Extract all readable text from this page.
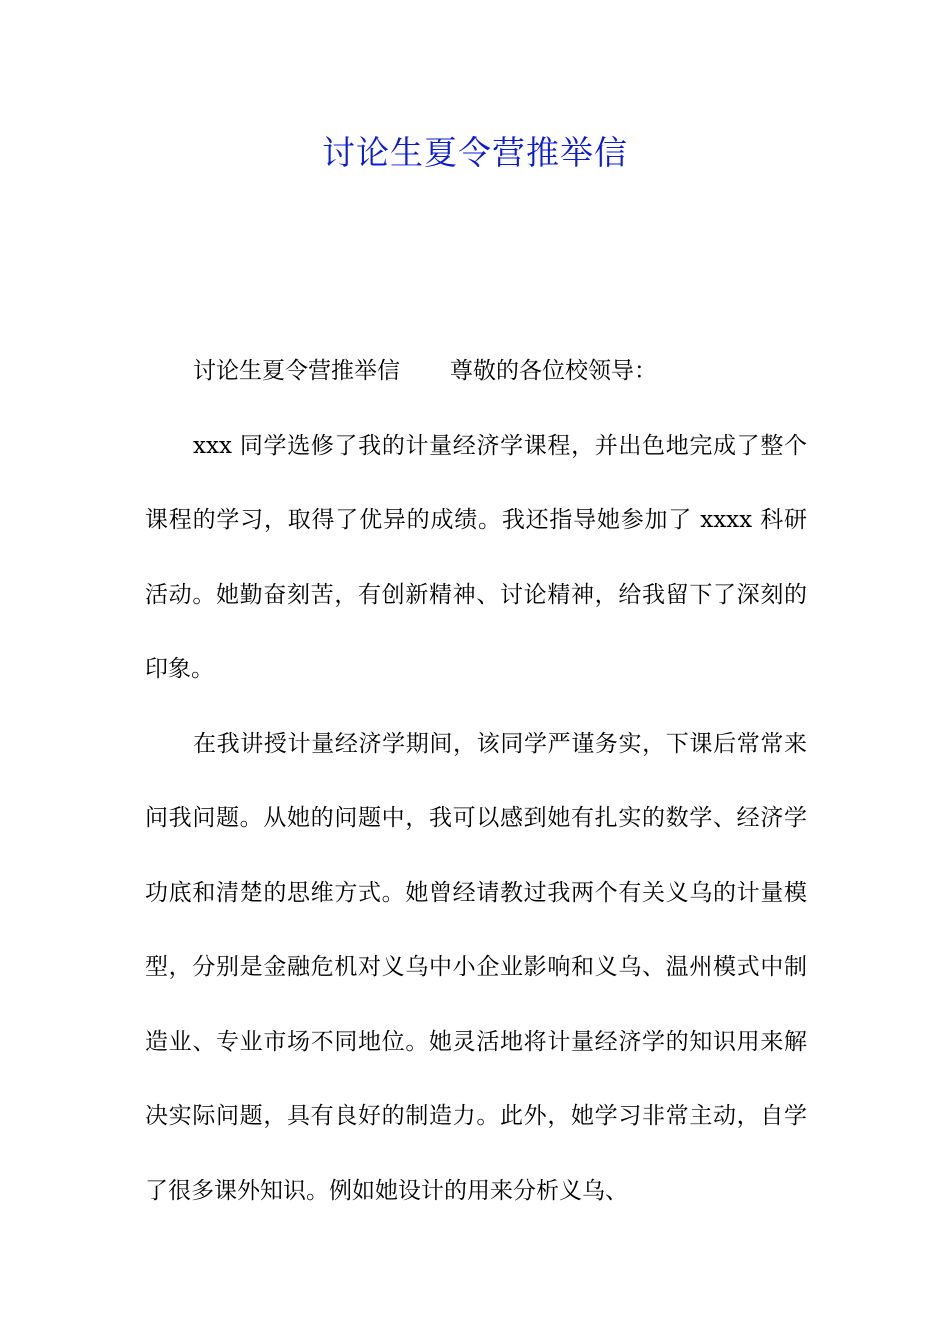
讨论生夏令营推举信

讨论生夏令营推举信 尊敬的各位校领导：

xxx 同学选修了我的计量经济学课程，并出色地完成了整个课程的学习，取得了优异的成绩。我还指导她参加了 xxxx 科研活动。她勤奋刻苦，有创新精神、讨论精神，给我留下了深刻的印象。

在我讲授计量经济学期间，该同学严谨务实，下课后常常来问我问题。从她的问题中，我可以感到她有扎实的数学、经济学功底和清楚的思维方式。她曾经请教过我两个有关义乌的计量模型，分别是金融危机对义乌中小企业影响和义乌、温州模式中制造业、专业市场不同地位。她灵活地将计量经济学的知识用来解决实际问题，具有良好的制造力。此外，她学习非常主动，自学了很多课外知识。例如她设计的用来分析义乌、
